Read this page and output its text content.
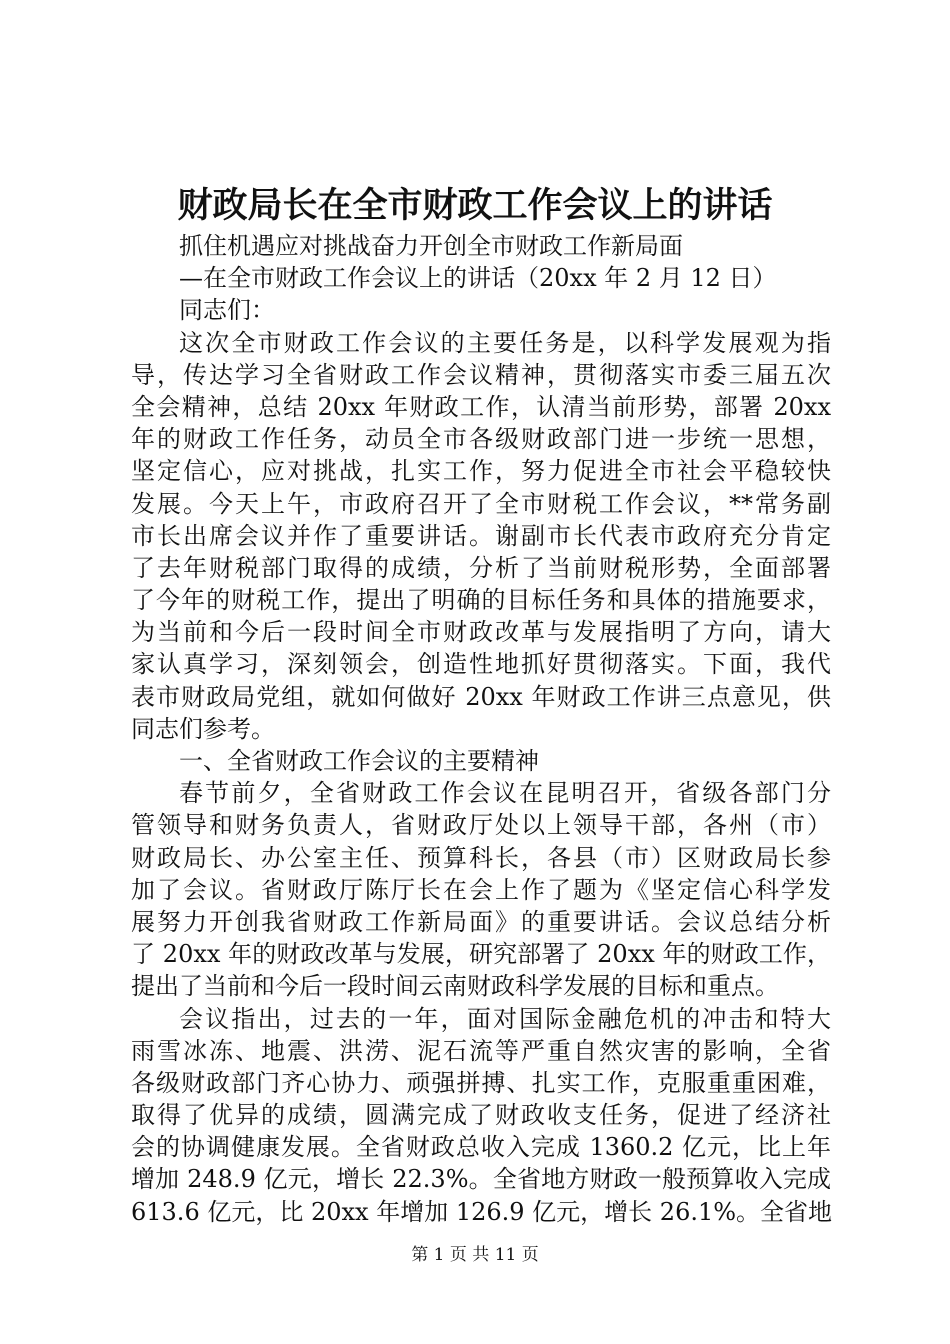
财政局长在全市财政工作会议上的讲话
抓住机遇应对挑战奋力开创全市财政工作新局面
—在全市财政工作会议上的讲话（20xx 年 2 月 12 日）
同志们：
这次全市财政工作会议的主要任务是，以科学发展观为指
导，传达学习全省财政工作会议精神，贯彻落实市委三届五次
全会精神，总结 20xx 年财政工作，认清当前形势，部署 20xx
年的财政工作任务，动员全市各级财政部门进一步统一思想，
坚定信心，应对挑战，扎实工作，努力促进全市社会平稳较快
发展。今天上午，市政府召开了全市财税工作会议，**常务副
市长出席会议并作了重要讲话。谢副市长代表市政府充分肯定
了去年财税部门取得的成绩，分析了当前财税形势，全面部署
了今年的财税工作，提出了明确的目标任务和具体的措施要求，
为当前和今后一段时间全市财政改革与发展指明了方向，请大
家认真学习，深刻领会，创造性地抓好贯彻落实。下面，我代
表市财政局党组，就如何做好 20xx 年财政工作讲三点意见，供
同志们参考。
一、全省财政工作会议的主要精神
春节前夕，全省财政工作会议在昆明召开，省级各部门分
管领导和财务负责人，省财政厅处以上领导干部，各州（市）
财政局长、办公室主任、预算科长，各县（市）区财政局长参
加了会议。省财政厅陈厅长在会上作了题为《坚定信心科学发
展努力开创我省财政工作新局面》的重要讲话。会议总结分析
了 20xx 年的财政改革与发展，研究部署了 20xx 年的财政工作，
提出了当前和今后一段时间云南财政科学发展的目标和重点。
会议指出，过去的一年，面对国际金融危机的冲击和特大
雨雪冰冻、地震、洪涝、泥石流等严重自然灾害的影响，全省
各级财政部门齐心协力、顽强拼搏、扎实工作，克服重重困难，
取得了优异的成绩，圆满完成了财政收支任务，促进了经济社
会的协调健康发展。全省财政总收入完成 1360.2 亿元，比上年
增加 248.9 亿元，增长 22.3%。全省地方财政一般预算收入完成
613.6 亿元，比 20xx 年增加 126.9 亿元，增长 26.1%。全省地
第 1 页 共 11 页
